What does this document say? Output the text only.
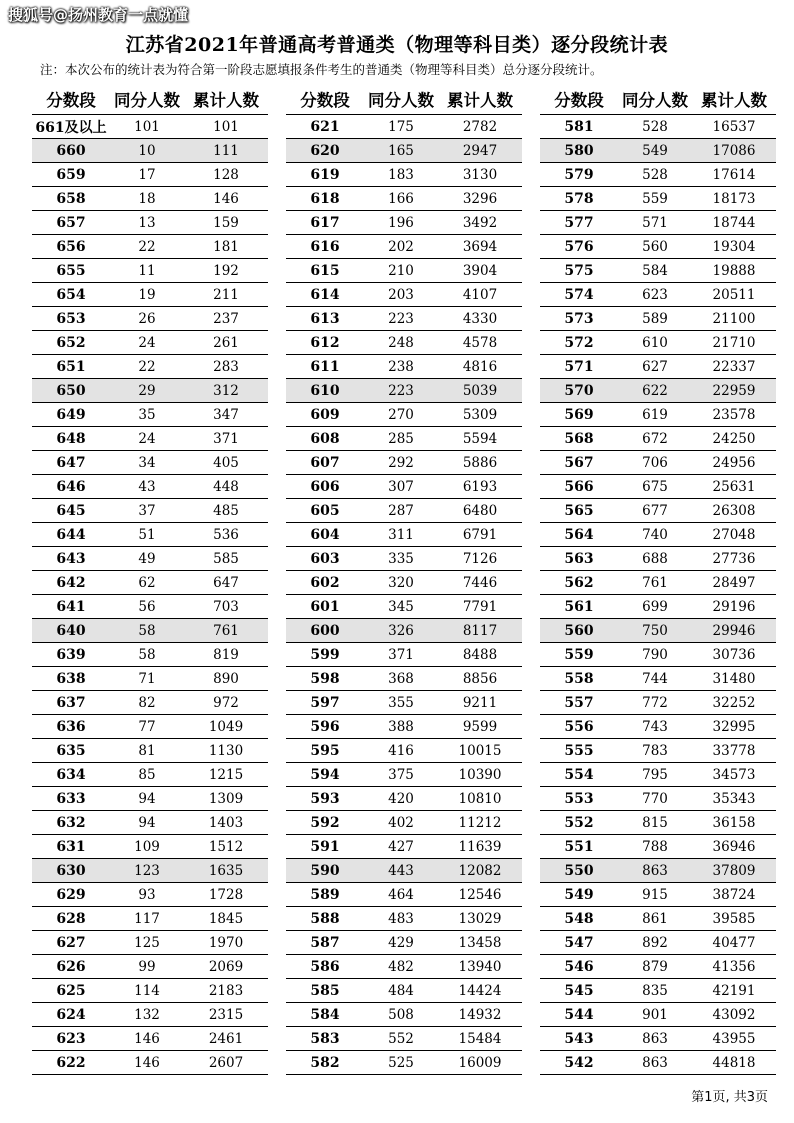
搜狐号@扬州教育一点就懂
江苏省2021年普通高考普通类（物理等科目类）逐分段统计表
注：本次公布的统计表为符合第一阶段志愿填报条件考生的普通类（物理等科目类）总分逐分段统计。
分数段	同分人数 累计人数
661及以上	101	101
660	10	111
659	17	128
658	18	146
657	13	159
656	22	181
655	11	192
654	19	211
653	26	237
652	24	261
651	22	283
650	29	312
649	35	347
648	24	371
647	34	405
646	43	448
645	37	485
644	51	536
643	49	585
642	62	647
641	56	703
640	58	761
639	58	819
638	71	890
637	82	972
636	77	1049
635	81	1130
634	85	1215
633	94	1309
632	94	1403
631	109	1512
630	123	1635
629	93	1728
628	117	1845
627	125	1970
626	99	2069
625	114	2183
624	132	2315
623	146	2461
622	146	2607
分数段	同分人数 累计人数
621	175	2782
620	165	2947
619	183	3130
618	166	3296
617	196	3492
616	202	3694
615	210	3904
614	203	4107
613	223	4330
612	248	4578
611	238	4816
610	223	5039
609	270	5309
608	285	5594
607	292	5886
606	307	6193
605	287	6480
604	311	6791
603	335	7126
602	320	7446
601	345	7791
600	326	8117
599	371	8488
598	368	8856
597	355	9211
596	388	9599
595	416	10015
594	375	10390
593	420	10810
592	402	11212
591	427	11639
590	443	12082
589	464	12546
588	483	13029
587	429	13458
586	482	13940
585	484	14424
584	508	14932
583	552	15484
582	525	16009
分数段	同分人数 累计人数
581	528	16537
580	549	17086
579	528	17614
578	559	18173
577	571	18744
576	560	19304
575	584	19888
574	623	20511
573	589	21100
572	610	21710
571	627	22337
570	622	22959
569	619	23578
568	672	24250
567	706	24956
566	675	25631
565	677	26308
564	740	27048
563	688	27736
562	761	28497
561	699	29196
560	750	29946
559	790	30736
558	744	31480
557	772	32252
556	743	32995
555	783	33778
554	795	34573
553	770	35343
552	815	36158
551	788	36946
550	863	37809
549	915	38724
548	861	39585
547	892	40477
546	879	41356
545	835	42191
544	901	43092
543	863	43955
542	863	44818
第1页, 共3页
